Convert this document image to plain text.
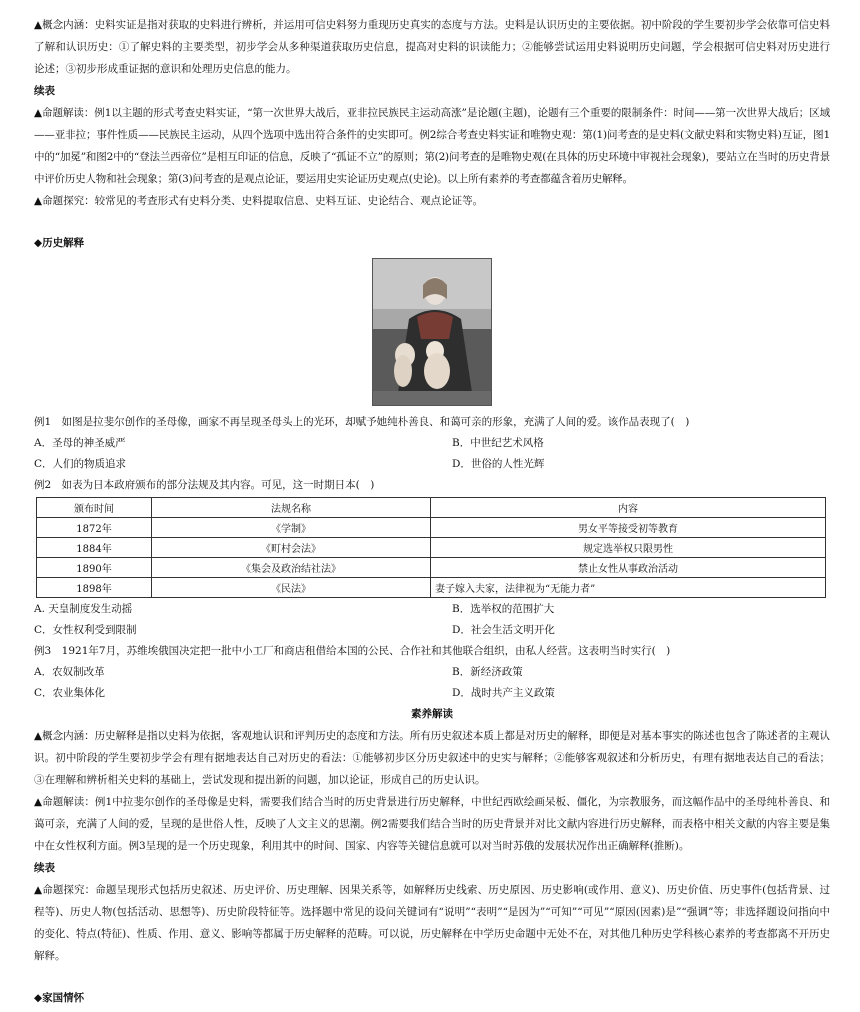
▲概念内涵：史料实证是指对获取的史料进行辨析，并运用可信史料努力重现历史真实的态度与方法。史料是认识历史的主要依据。初中阶段的学生要初步学会依靠可信史料了解和认识历史：①了解史料的主要类型，初步学会从多种渠道获取历史信息，提高对史料的识读能力；②能够尝试运用史料说明历史问题，学会根据可信史料对历史进行论述；③初步形成重证据的意识和处理历史信息的能力。
续表
▲命题解读：例1以主题的形式考查史料实证，“第一次世界大战后，亚非拉民族民主运动高涨”是论题(主题)，论题有三个重要的限制条件：时间——第一次世界大战后；区域——亚非拉；事件性质——民族民主运动，从四个选项中选出符合条件的史实即可。例2综合考查史料实证和唯物史观：第(1)问考查的是史料(文献史料和实物史料)互证，图1中的“加冕”和图2中的“登法兰西帝位”是相互印证的信息，反映了“孤证不立”的原则；第(2)问考查的是唯物史观(在具体的历史环境中审视社会现象)，要站立在当时的历史背景中评价历史人物和社会现象；第(3)问考查的是观点论证，要运用史实论证历史观点(史论)。以上所有素养的考查都蕴含着历史解释。
▲命题探究：较常见的考查形式有史料分类、史料提取信息、史料互证、史论结合、观点论证等。
◆历史解释
例1　如图是拉斐尔创作的圣母像，画家不再呈现圣母头上的光环，却赋予她纯朴善良、和蔼可亲的形象，充满了人间的爱。该作品表现了(　)
A．圣母的神圣威严	B．中世纪艺术风格
C．人们的物质追求	D．世俗的人性光辉
例2　如表为日本政府颁布的部分法规及其内容。可见，这一时期日本(　)
颁布时间	法规名称	内容
1872年	《学制》	男女平等接受初等教育
1884年	《町村会法》	规定选举权只限男性
1890年	《集会及政治结社法》	禁止女性从事政治活动
1898年	《民法》	妻子嫁入夫家，法律视为“无能力者”
A. 天皇制度发生动摇	B．选举权的范围扩大
C．女性权利受到限制	D．社会生活文明开化
例3　1921年7月，苏维埃俄国决定把一批中小工厂和商店租借给本国的公民、合作社和其他联合组织，由私人经营。这表明当时实行(　)
A．农奴制改革	B．新经济政策
C．农业集体化	D．战时共产主义政策
素养解读
▲概念内涵：历史解释是指以史料为依据，客观地认识和评判历史的态度和方法。所有历史叙述本质上都是对历史的解释，即便是对基本事实的陈述也包含了陈述者的主观认识。初中阶段的学生要初步学会有理有据地表达自己对历史的看法：①能够初步区分历史叙述中的史实与解释；②能够客观叙述和分析历史，有理有据地表达自己的看法；③在理解和辨析相关史料的基础上，尝试发现和提出新的问题，加以论证，形成自己的历史认识。
▲命题解读：例1中拉斐尔创作的圣母像是史料，需要我们结合当时的历史背景进行历史解释，中世纪西欧绘画呆板、僵化，为宗教服务，而这幅作品中的圣母纯朴善良、和蔼可亲，充满了人间的爱，呈现的是世俗人性，反映了人文主义的思潮。例2需要我们结合当时的历史背景并对比文献内容进行历史解释，而表格中相关文献的内容主要是集中在女性权利方面。例3呈现的是一个历史现象，利用其中的时间、国家、内容等关键信息就可以对当时苏俄的发展状况作出正确解释(推断)。
续表
▲命题探究：命题呈现形式包括历史叙述、历史评价、历史理解、因果关系等，如解释历史线索、历史原因、历史影响(或作用、意义)、历史价值、历史事件(包括背景、过程等)、历史人物(包括活动、思想等)、历史阶段特征等。选择题中常见的设问关键词有“说明”“表明”“是因为”“可知”“可见”“原因(因素)是”“强调”等；非选择题设问指向中的变化、特点(特征)、性质、作用、意义、影响等都属于历史解释的范畴。可以说，历史解释在中学历史命题中无处不在，对其他几种历史学科核心素养的考查都离不开历史解释。
◆家国情怀
